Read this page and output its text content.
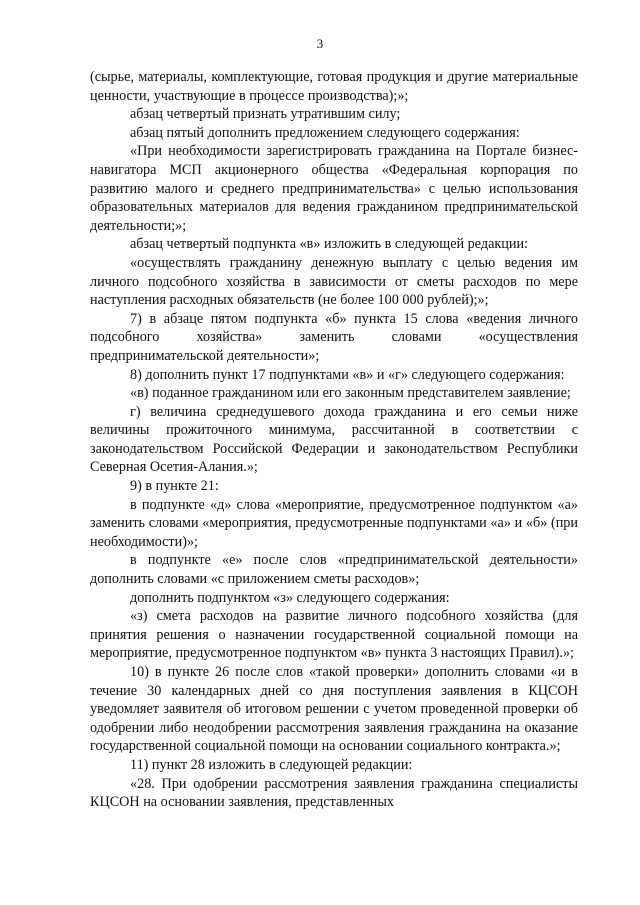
3
(сырье, материалы, комплектующие, готовая продукция и другие материальные ценности, участвующие в процессе производства);»;
абзац четвертый признать утратившим силу;
абзац пятый дополнить предложением следующего содержания:
«При необходимости зарегистрировать гражданина на Портале бизнес-навигатора МСП акционерного общества «Федеральная корпорация по развитию малого и среднего предпринимательства» с целью использования образовательных материалов для ведения гражданином предпринимательской деятельности;»;
абзац четвертый подпункта «в» изложить в следующей редакции:
«осуществлять гражданину денежную выплату с целью ведения им личного подсобного хозяйства в зависимости от сметы расходов по мере наступления расходных обязательств (не более 100 000 рублей);»;
7) в абзаце пятом подпункта «б» пункта 15 слова «ведения личного подсобного хозяйства» заменить словами «осуществления предпринимательской деятельности»;
8) дополнить пункт 17 подпунктами «в» и «г» следующего содержания:
«в) поданное гражданином или его законным представителем заявление;
г) величина среднедушевого дохода гражданина и его семьи ниже величины прожиточного минимума, рассчитанной в соответствии с законодательством Российской Федерации и законодательством Республики Северная Осетия-Алания.»;
9) в пункте 21:
в подпункте «д» слова «мероприятие, предусмотренное подпунктом «а» заменить словами «мероприятия, предусмотренные подпунктами «а» и «б» (при необходимости)»;
в подпункте «е» после слов «предпринимательской деятельности» дополнить словами «с приложением сметы расходов»;
дополнить подпунктом «з» следующего содержания:
«з) смета расходов на развитие личного подсобного хозяйства (для принятия решения о назначении государственной социальной помощи на мероприятие, предусмотренное подпунктом «в» пункта 3 настоящих Правил).»;
10) в пункте 26 после слов «такой проверки» дополнить словами «и в течение 30 календарных дней со дня поступления заявления в КЦСОН уведомляет заявителя об итоговом решении с учетом проведенной проверки об одобрении либо неодобрении рассмотрения заявления гражданина на оказание государственной социальной помощи на основании социального контракта.»;
11) пункт 28 изложить в следующей редакции:
«28. При одобрении рассмотрения заявления гражданина специалисты КЦСОН на основании заявления, представленных
